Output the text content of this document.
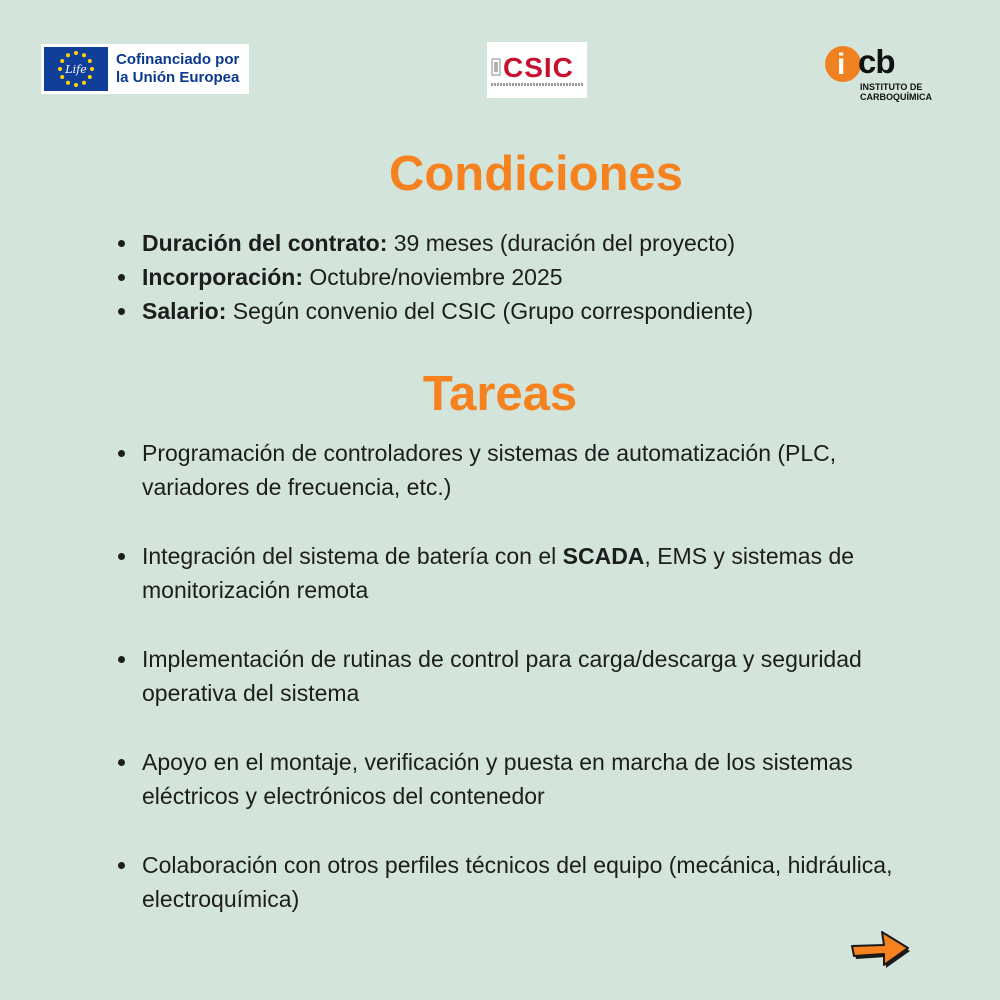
Life
Cofinanciado por
la Unión Europea	CSIC	i cb
INSTITUTO DE
CARBOQUÍMICA
Condiciones
Duración del contrato: 39 meses (duración del proyecto)
Incorporación: Octubre/noviembre 2025
Salario: Según convenio del CSIC (Grupo correspondiente)
Tareas
Programación de controladores y sistemas de automatización (PLC, variadores de frecuencia, etc.)
Integración del sistema de batería con el SCADA, EMS y sistemas de monitorización remota
Implementación de rutinas de control para carga/descarga y seguridad operativa del sistema
Apoyo en el montaje, verificación y puesta en marcha de los sistemas eléctricos y electrónicos del contenedor
Colaboración con otros perfiles técnicos del equipo (mecánica, hidráulica, electroquímica)
